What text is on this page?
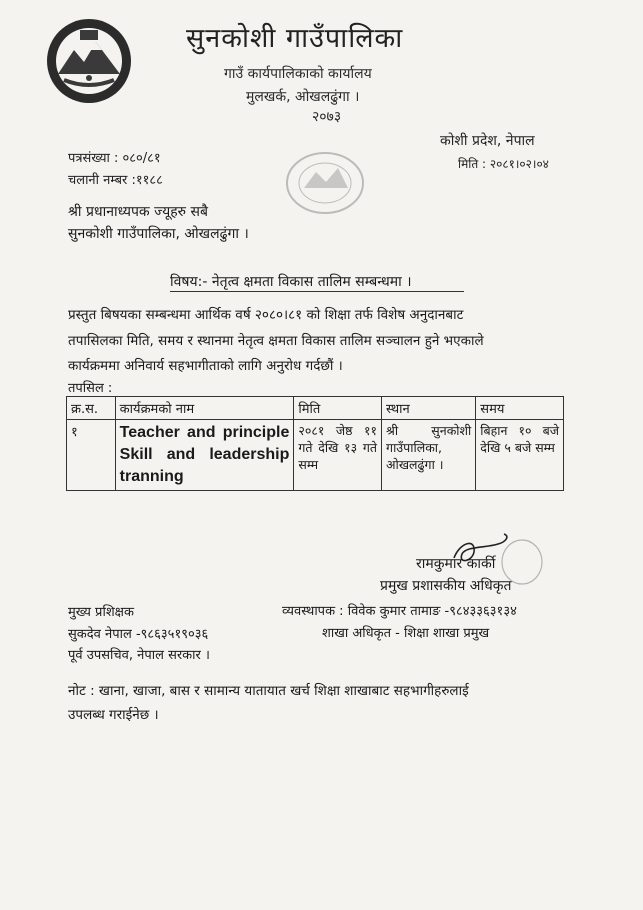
सुनकोशी गाउँपालिका
गाउँ कार्यपालिकाको कार्यालय
मुलखर्क, ओखलढुंगा ।
२०७३
पत्रसंख्या : ०८०/८१
चलानी नम्बर :११८८
कोशी प्रदेश, नेपाल
मिति : २०८१।०२।०४
श्री प्रधानाध्यपक ज्यूहरु सबै
सुनकोशी गाउँपालिका, ओखलढुंगा ।
विषय:- नेतृत्व क्षमता विकास तालिम सम्बन्धमा ।
प्रस्तुत बिषयका सम्बन्धमा आर्थिक वर्ष २०८०।८१ को शिक्षा तर्फ विशेष अनुदानबाट
तपासिलका मिति, समय र स्थानमा नेतृत्व क्षमता विकास तालिम सञ्चालन हुने भएकाले
कार्यक्रममा अनिवार्य सहभागीताको लागि अनुरोध गर्दछौं ।
तपसिल :
क्र.स.	कार्यक्रमको नाम	मिति	स्थान	समय
१	Teacher and principle Skill and leadership tranning	२०८१ जेष्ठ ११ गते देखि १३ गते सम्म	श्री सुनकोशी गाउँपालिका, ओखलढुंगा ।	बिहान १० बजे देखि ५ बजे सम्म
रामकुमार कार्की
प्रमुख प्रशासकीय अधिकृत
मुख्य प्रशिक्षक
सुकदेव नेपाल -९८६३५१९०३६
पूर्व उपसचिव, नेपाल सरकार ।
व्यवस्थापक : विवेक कुमार तामाङ -९८४३३६३१३४
शाखा अधिकृत - शिक्षा शाखा प्रमुख
नोट : खाना, खाजा, बास र सामान्य यातायात खर्च शिक्षा शाखाबाट सहभागीहरुलाई
उपलब्ध गराईनेछ ।
